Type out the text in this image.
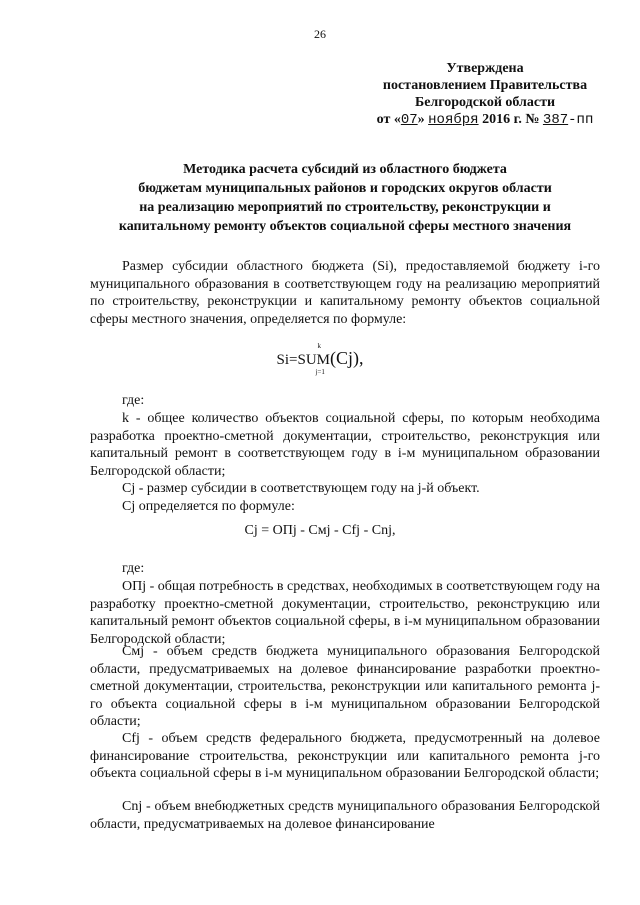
26
Утверждена
постановлением Правительства
Белгородской области
от «07» ноября 2016 г. № 387-пп
Методика расчета субсидий из областного бюджета
бюджетам муниципальных районов и городских округов области
на реализацию мероприятий по строительству, реконструкции и
капитальному ремонту объектов социальной сферы местного значения
Размер субсидии областного бюджета (Si), предоставляемой бюджету i-го муниципального образования в соответствующем году на реализацию мероприятий по строительству, реконструкции и капитальному ремонту объектов социальной сферы местного значения, определяется по формуле:
Si=SUM
k
j=1
(Cj),
где:
k - общее количество объектов социальной сферы, по которым необходима разработка проектно-сметной документации, строительство, реконструкция или капитальный ремонт в соответствующем году в i-м муниципальном образовании Белгородской области;
Cj - размер субсидии в соответствующем году на j-й объект.
Cj определяется по формуле:
Cj = ОПj - Смj - Cfj - Cnj,
где:
ОПj - общая потребность в средствах, необходимых в соответствующем году на разработку проектно-сметной документации, строительство, реконструкцию или капитальный ремонт объектов социальной сферы, в i-м муниципальном образовании Белгородской области;
Смj - объем средств бюджета муниципального образования Белгородской области, предусматриваемых на долевое финансирование разработки проектно-сметной документации, строительства, реконструкции или капитального ремонта j-го объекта социальной сферы в i-м муниципальном образовании Белгородской области;
Cfj - объем средств федерального бюджета, предусмотренный на долевое финансирование строительства, реконструкции или капитального ремонта j-го объекта социальной сферы в i-м муниципальном образовании Белгородской области;
Cnj - объем внебюджетных средств муниципального образования Белгородской области, предусматриваемых на долевое финансирование
